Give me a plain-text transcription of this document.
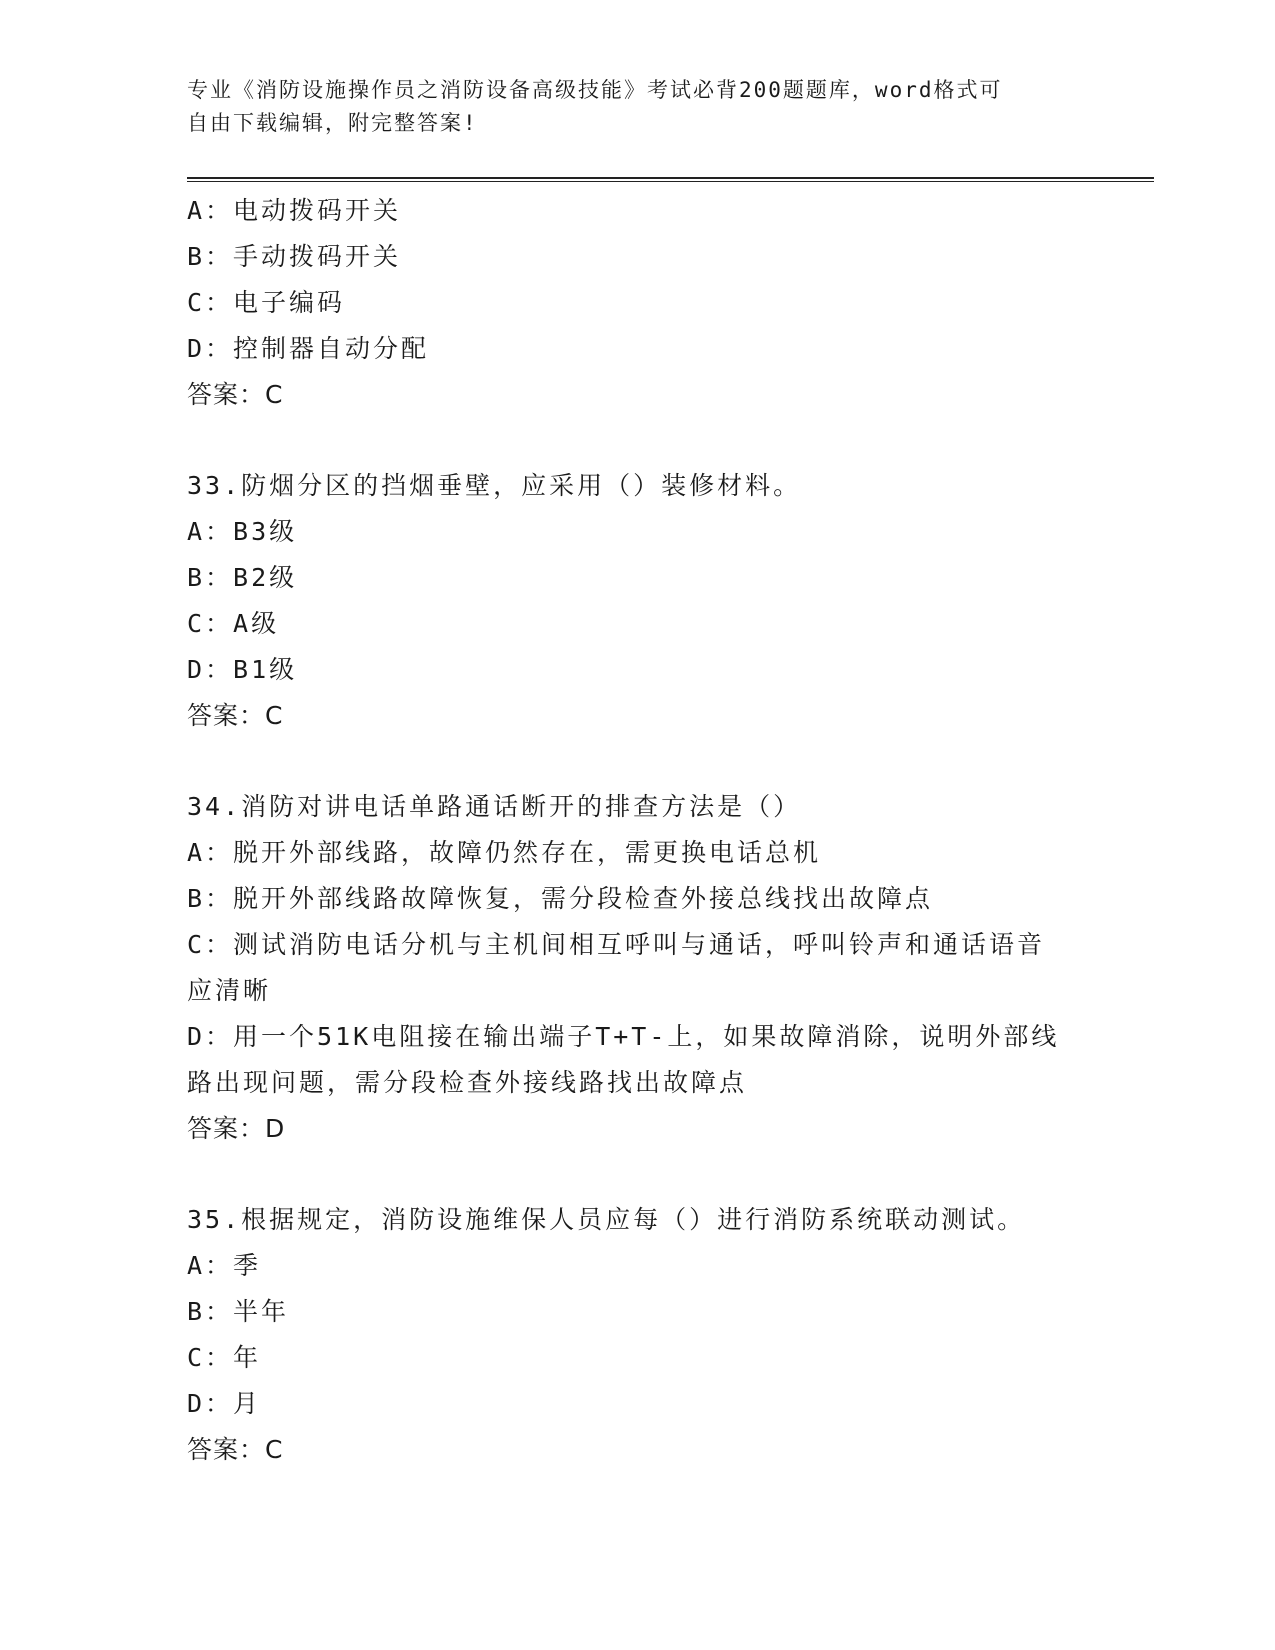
专业《消防设施操作员之消防设备高级技能》考试必背200题题库，word格式可
自由下载编辑，附完整答案!
A：电动拨码开关
B：手动拨码开关
C：电子编码
D：控制器自动分配
答案：C
33.防烟分区的挡烟垂壁，应采用（）装修材料。
A：B3级
B：B2级
C：A级
D：B1级
答案：C
34.消防对讲电话单路通话断开的排查方法是（）
A：脱开外部线路，故障仍然存在，需更换电话总机
B：脱开外部线路故障恢复，需分段检查外接总线找出故障点
C：测试消防电话分机与主机间相互呼叫与通话，呼叫铃声和通话语音
应清晰
D：用一个51K电阻接在输出端子T+T-上，如果故障消除，说明外部线
路出现问题，需分段检查外接线路找出故障点
答案：D
35.根据规定，消防设施维保人员应每（）进行消防系统联动测试。
A：季
B：半年
C：年
D：月
答案：C
